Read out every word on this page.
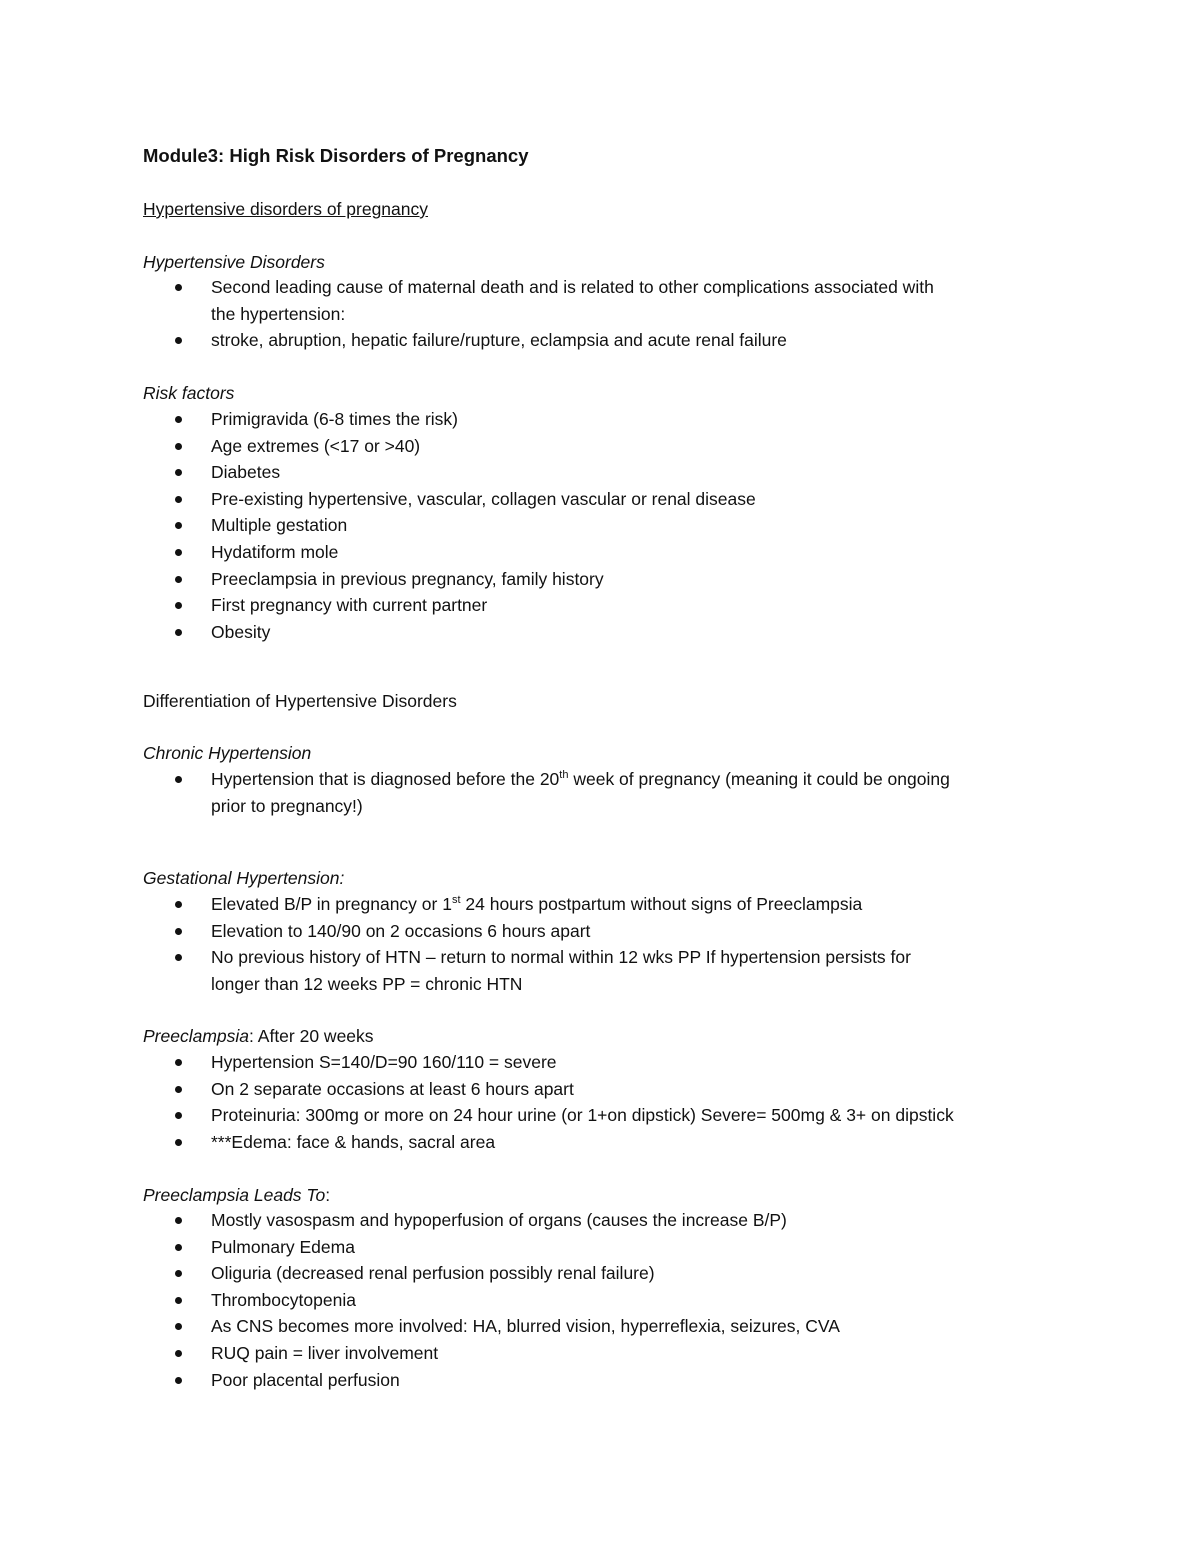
Module3: High Risk Disorders of Pregnancy
Hypertensive disorders of pregnancy
Hypertensive Disorders
Second leading cause of maternal death and is related to other complications associated with
the hypertension:
stroke, abruption, hepatic failure/rupture, eclampsia and acute renal failure
Risk factors
Primigravida (6-8 times the risk)
Age extremes (<17 or >40)
Diabetes
Pre-existing hypertensive, vascular, collagen vascular or renal disease
Multiple gestation
Hydatiform mole
Preeclampsia in previous pregnancy, family history
First pregnancy with current partner
Obesity
Differentiation of Hypertensive Disorders
Chronic Hypertension
Hypertension that is diagnosed before the 20th week of pregnancy (meaning it could be ongoing
prior to pregnancy!)
Gestational Hypertension:
Elevated B/P in pregnancy or 1st 24 hours postpartum without signs of Preeclampsia
Elevation to 140/90 on 2 occasions 6 hours apart
No previous history of HTN – return to normal within 12 wks PP If hypertension persists for
longer than 12 weeks PP = chronic HTN
Preeclampsia: After 20 weeks
Hypertension S=140/D=90 160/110 = severe
On 2 separate occasions at least 6 hours apart
Proteinuria: 300mg or more on 24 hour urine (or 1+on dipstick) Severe= 500mg & 3+ on dipstick
***Edema: face & hands, sacral area
Preeclampsia Leads To:
Mostly vasospasm and hypoperfusion of organs (causes the increase B/P)
Pulmonary Edema
Oliguria (decreased renal perfusion possibly renal failure)
Thrombocytopenia
As CNS becomes more involved: HA, blurred vision, hyperreflexia, seizures, CVA
RUQ pain = liver involvement
Poor placental perfusion
